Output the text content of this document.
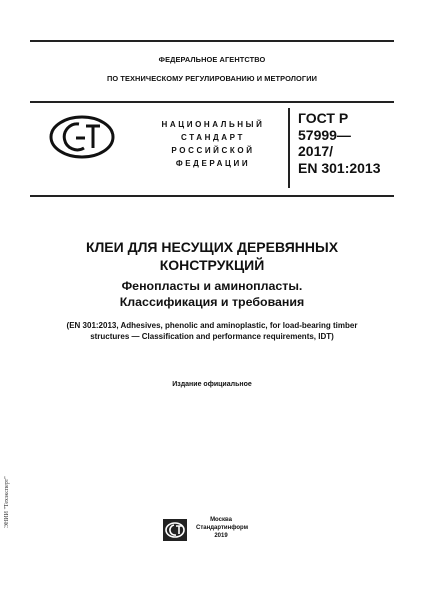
ФЕДЕРАЛЬНОЕ АГЕНТСТВО
ПО ТЕХНИЧЕСКОМУ РЕГУЛИРОВАНИЮ И МЕТРОЛОГИИ
НАЦИОНАЛЬНЫЙ
СТАНДАРТ
РОССИЙСКОЙ
ФЕДЕРАЦИИ
ГОСТ Р
57999—
2017/
EN 301:2013
КЛЕИ ДЛЯ НЕСУЩИХ ДЕРЕВЯННЫХ
КОНСТРУКЦИЙ
Фенопласты и аминопласты.
Классификация и требования
(EN 301:2013, Adhesives, phenolic and aminoplastic, for load-bearing timber
structures — Classification and performance requirements, IDT)
Издание официальное
Москва
Стандартинформ
2019
ЭНИИ "Техэксперт"
